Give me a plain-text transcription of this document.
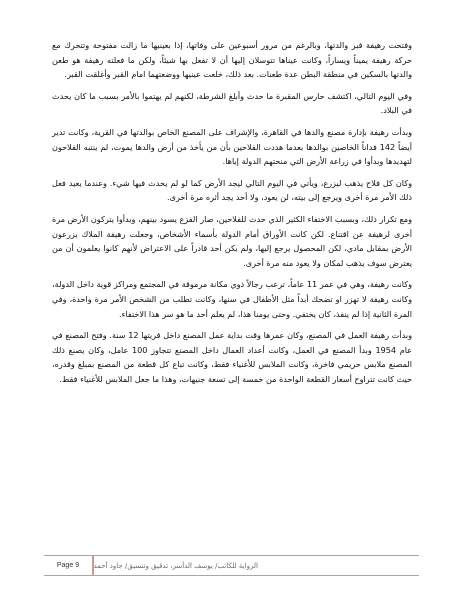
وفتحت رهيفة قبر والدتها، وبالرغم من مرور أسبوعين على وفاتها، إذا بعينيها ما زالت مفتوحة وتتحرك مع حركة رهيفة يميناً ويساراً، وكانت عيناها تتوسلان إليها أن لا تفعل بها شيئاً، ولكن ما فعلته رهيفة هو طعن والدتها بالسكين في منطقة البطن عدة طعنات. بعد ذلك، خلعت عينيها ووضعتهما امام القبر وأغلقت القبر.

وفي اليوم التالي، اكتشف حارس المقبرة ما حدث وأبلغ الشرطة، لكنهم لم يهتموا بالأمر بسبب ما كان يحدث في البلاد.

وبدأت رهيفة بإدارة مصنع والدها في القاهرة، والإشراف على المصنع الخاص بوالدتها في القرية، وكانت تدير أيضاً 142 فداناً الخاصين بوالدها بعدما هددت الفلاحين بأن من يأخذ من أرض والدها يموت، لم ينتبه الفلاحون لتهديدها وبدأوا في زراعة الأرض التي منحتهم الدولة إياها.

وكان كل فلاح يذهب ليزرع، ويأتي في اليوم التالي ليجد الأرض كما لو لم يحدث فيها شيء. وعندما يعيد فعل ذلك الأمر مرة أخرى ويرجع إلى بيته، لن يعود، ولا أحد يجد أثره مرة أخرى.

ومع تكرار ذلك، وبسبب الاختفاء الكثير الذي حدث للفلاحين، صار الفزع يسود بينهم، وبدأوا يتركون الأرض مرة أخرى لرهيفة عن اقتناع. لكن كانت الأوراق أمام الدولة بأسماء الأشخاص، وجعلت رهيفة الملاك يزرعون الأرض بمقابل مادي، لكن المحصول يرجع إليها، ولم يكن أحد قادراً على الاعتراض لأنهم كانوا يعلمون أن من يعترض سوف يذهب لمكان ولا يعود منه مرة أخرى.

وكانت رهيفة، وهي في عمر 11 عاماً، ترعب رجالاً ذوي مكانة مرموقة في المجتمع ومراكز قوية داخل الدولة، وكانت رهيفة لا تهزر او تضحك أبداً مثل الأطفال في سنها، وكانت تطلب من الشخص الأمر مرة واحدة، وفي المرة الثانية إذا لم ينفذ، كان يختفي. وحتى يومنا هذا، لم يعلم أحد ما هو سر هذا الاختفاء.

وبدأت رهيفة العمل في المصنع، وكان عمرها وقت بداية عمل المصنع داخل قريتها 12 سنة. وفتح المصنع في عام 1954 وبدأ المصنع في العمل، وكانت أعداد العمال داخل المصنع تتجاوز 100 عامل، وكان يصنع ذلك المصنع ملابس حريمي فاخرة، وكانت الملابس للأغنياء فقط، وكانت تباع كل قطعة من المصنع بمبلغ وقدره، حيث كانت تتراوح أسعار القطعة الواحدة من خمسة إلى تسعة جنيهات، وهذا ما جعل الملابس للأغنياء فقط.

Page 9 الرواية للكاتب/ يوسف الدأسر، تدقيق وتنسيق/ جاود أحمد
